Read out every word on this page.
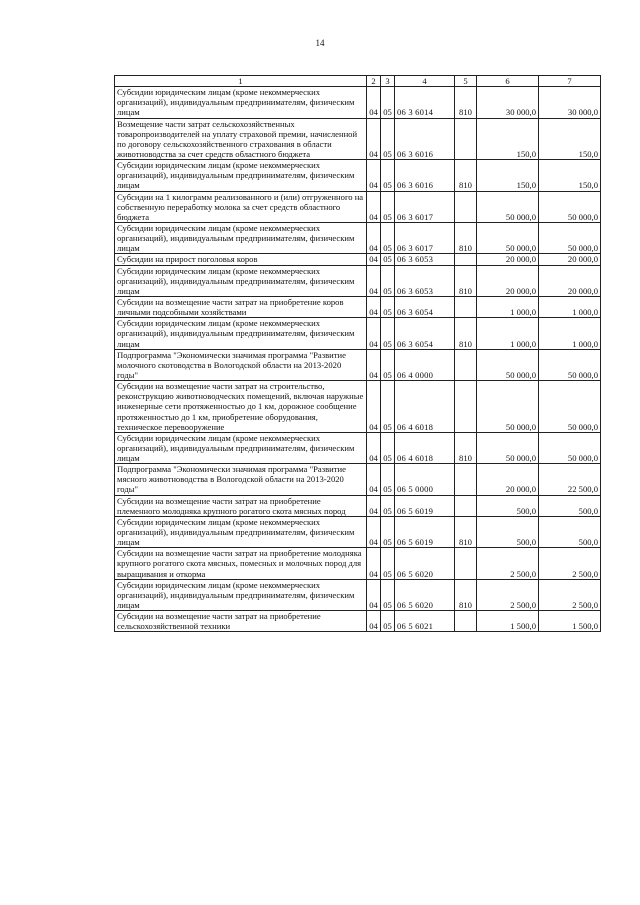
14
1	2	3	4	5	6	7
Субсидии юридическим лицам (кроме некоммерческих организаций), индивидуальным предпринимателям, физическим лицам	04	05	06 3 6014	810	30 000,0	30 000,0
Возмещение части затрат сельскохозяйственных товаропроизводителей на уплату страховой премии, начисленной по договору сельскохозяйственного страхования в области животноводства за счет средств областного бюджета	04	05	06 3 6016		150,0	150,0
Субсидии юридическим лицам (кроме некоммерческих организаций), индивидуальным предпринимателям, физическим лицам	04	05	06 3 6016	810	150,0	150,0
Субсидии на 1 килограмм реализованного и (или) отгруженного на собственную переработку молока за счет средств областного бюджета	04	05	06 3 6017		50 000,0	50 000,0
Субсидии юридическим лицам (кроме некоммерческих организаций), индивидуальным предпринимателям, физическим лицам	04	05	06 3 6017	810	50 000,0	50 000,0
Субсидии на прирост поголовья коров	04	05	06 3 6053		20 000,0	20 000,0
Субсидии юридическим лицам (кроме некоммерческих организаций), индивидуальным предпринимателям, физическим лицам	04	05	06 3 6053	810	20 000,0	20 000,0
Субсидии на возмещение части затрат на приобретение коров личными подсобными хозяйствами	04	05	06 3 6054		1 000,0	1 000,0
Субсидии юридическим лицам (кроме некоммерческих организаций), индивидуальным предпринимателям, физическим лицам	04	05	06 3 6054	810	1 000,0	1 000,0
Подпрограмма "Экономически значимая программа "Развитие молочного скотоводства в Вологодской области на 2013-2020 годы"	04	05	06 4 0000		50 000,0	50 000,0
Субсидии на возмещение части затрат на строительство, реконструкцию животноводческих помещений, включая наружные инженерные сети протяженностью до 1 км, дорожное сообщение протяженностью до 1 км, приобретение оборудования, техническое перевооружение	04	05	06 4 6018		50 000,0	50 000,0
Субсидии юридическим лицам (кроме некоммерческих организаций), индивидуальным предпринимателям, физическим лицам	04	05	06 4 6018	810	50 000,0	50 000,0
Подпрограмма "Экономически значимая программа "Развитие мясного животноводства в Вологодской области на 2013-2020 годы"	04	05	06 5 0000		20 000,0	22 500,0
Субсидии на возмещение части затрат на приобретение племенного молодняка крупного рогатого скота мясных пород	04	05	06 5 6019		500,0	500,0
Субсидии юридическим лицам (кроме некоммерческих организаций), индивидуальным предпринимателям, физическим лицам	04	05	06 5 6019	810	500,0	500,0
Субсидии на возмещение части затрат на приобретение молодняка крупного рогатого скота мясных, помесных и молочных пород для выращивания и откорма	04	05	06 5 6020		2 500,0	2 500,0
Субсидии юридическим лицам (кроме некоммерческих организаций), индивидуальным предпринимателям, физическим лицам	04	05	06 5 6020	810	2 500,0	2 500,0
Субсидии на возмещение части затрат на приобретение сельскохозяйственной техники	04	05	06 5 6021		1 500,0	1 500,0
